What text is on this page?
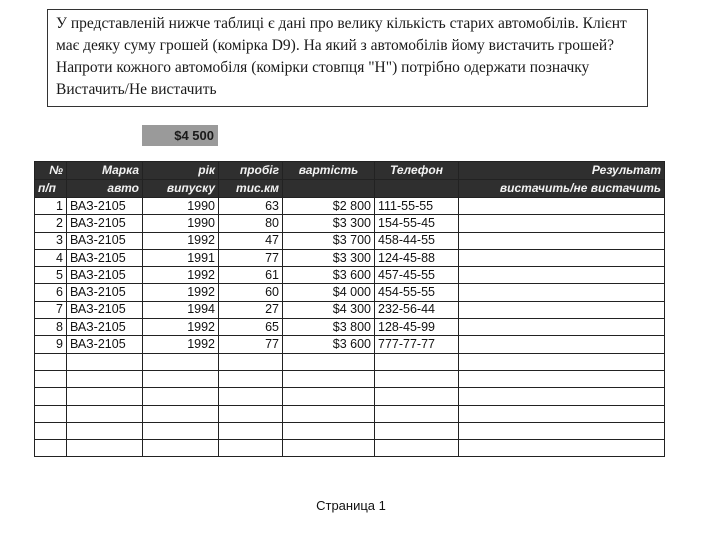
У представленій нижче таблиці є дані про велику кількість старих автомобілів. Клієнт

має деяку суму грошей (комірка D9). На який з автомобілів йому вистачить грошей?

Напроти кожного автомобіля (комірки стовпця "H") потрібно одержати позначку

Вистачить/Не вистачить

$4 500
№	Марка	рік	пробіг	вартість	Телефон	Результат
п/п	авто	випуску	тис.км			вистачить/не вистачить
1	ВАЗ-2105	1990	63	$2 800	111-55-55	
2	ВАЗ-2105	1990	80	$3 300	154-55-45	
3	ВАЗ-2105	1992	47	$3 700	458-44-55	
4	ВАЗ-2105	1991	77	$3 300	124-45-88	
5	ВАЗ-2105	1992	61	$3 600	457-45-55	
6	ВАЗ-2105	1992	60	$4 000	454-55-55	
7	ВАЗ-2105	1994	27	$4 300	232-56-44	
8	ВАЗ-2105	1992	65	$3 800	128-45-99	
9	ВАЗ-2105	1992	77	$3 600	777-77-77	

Страница 1
